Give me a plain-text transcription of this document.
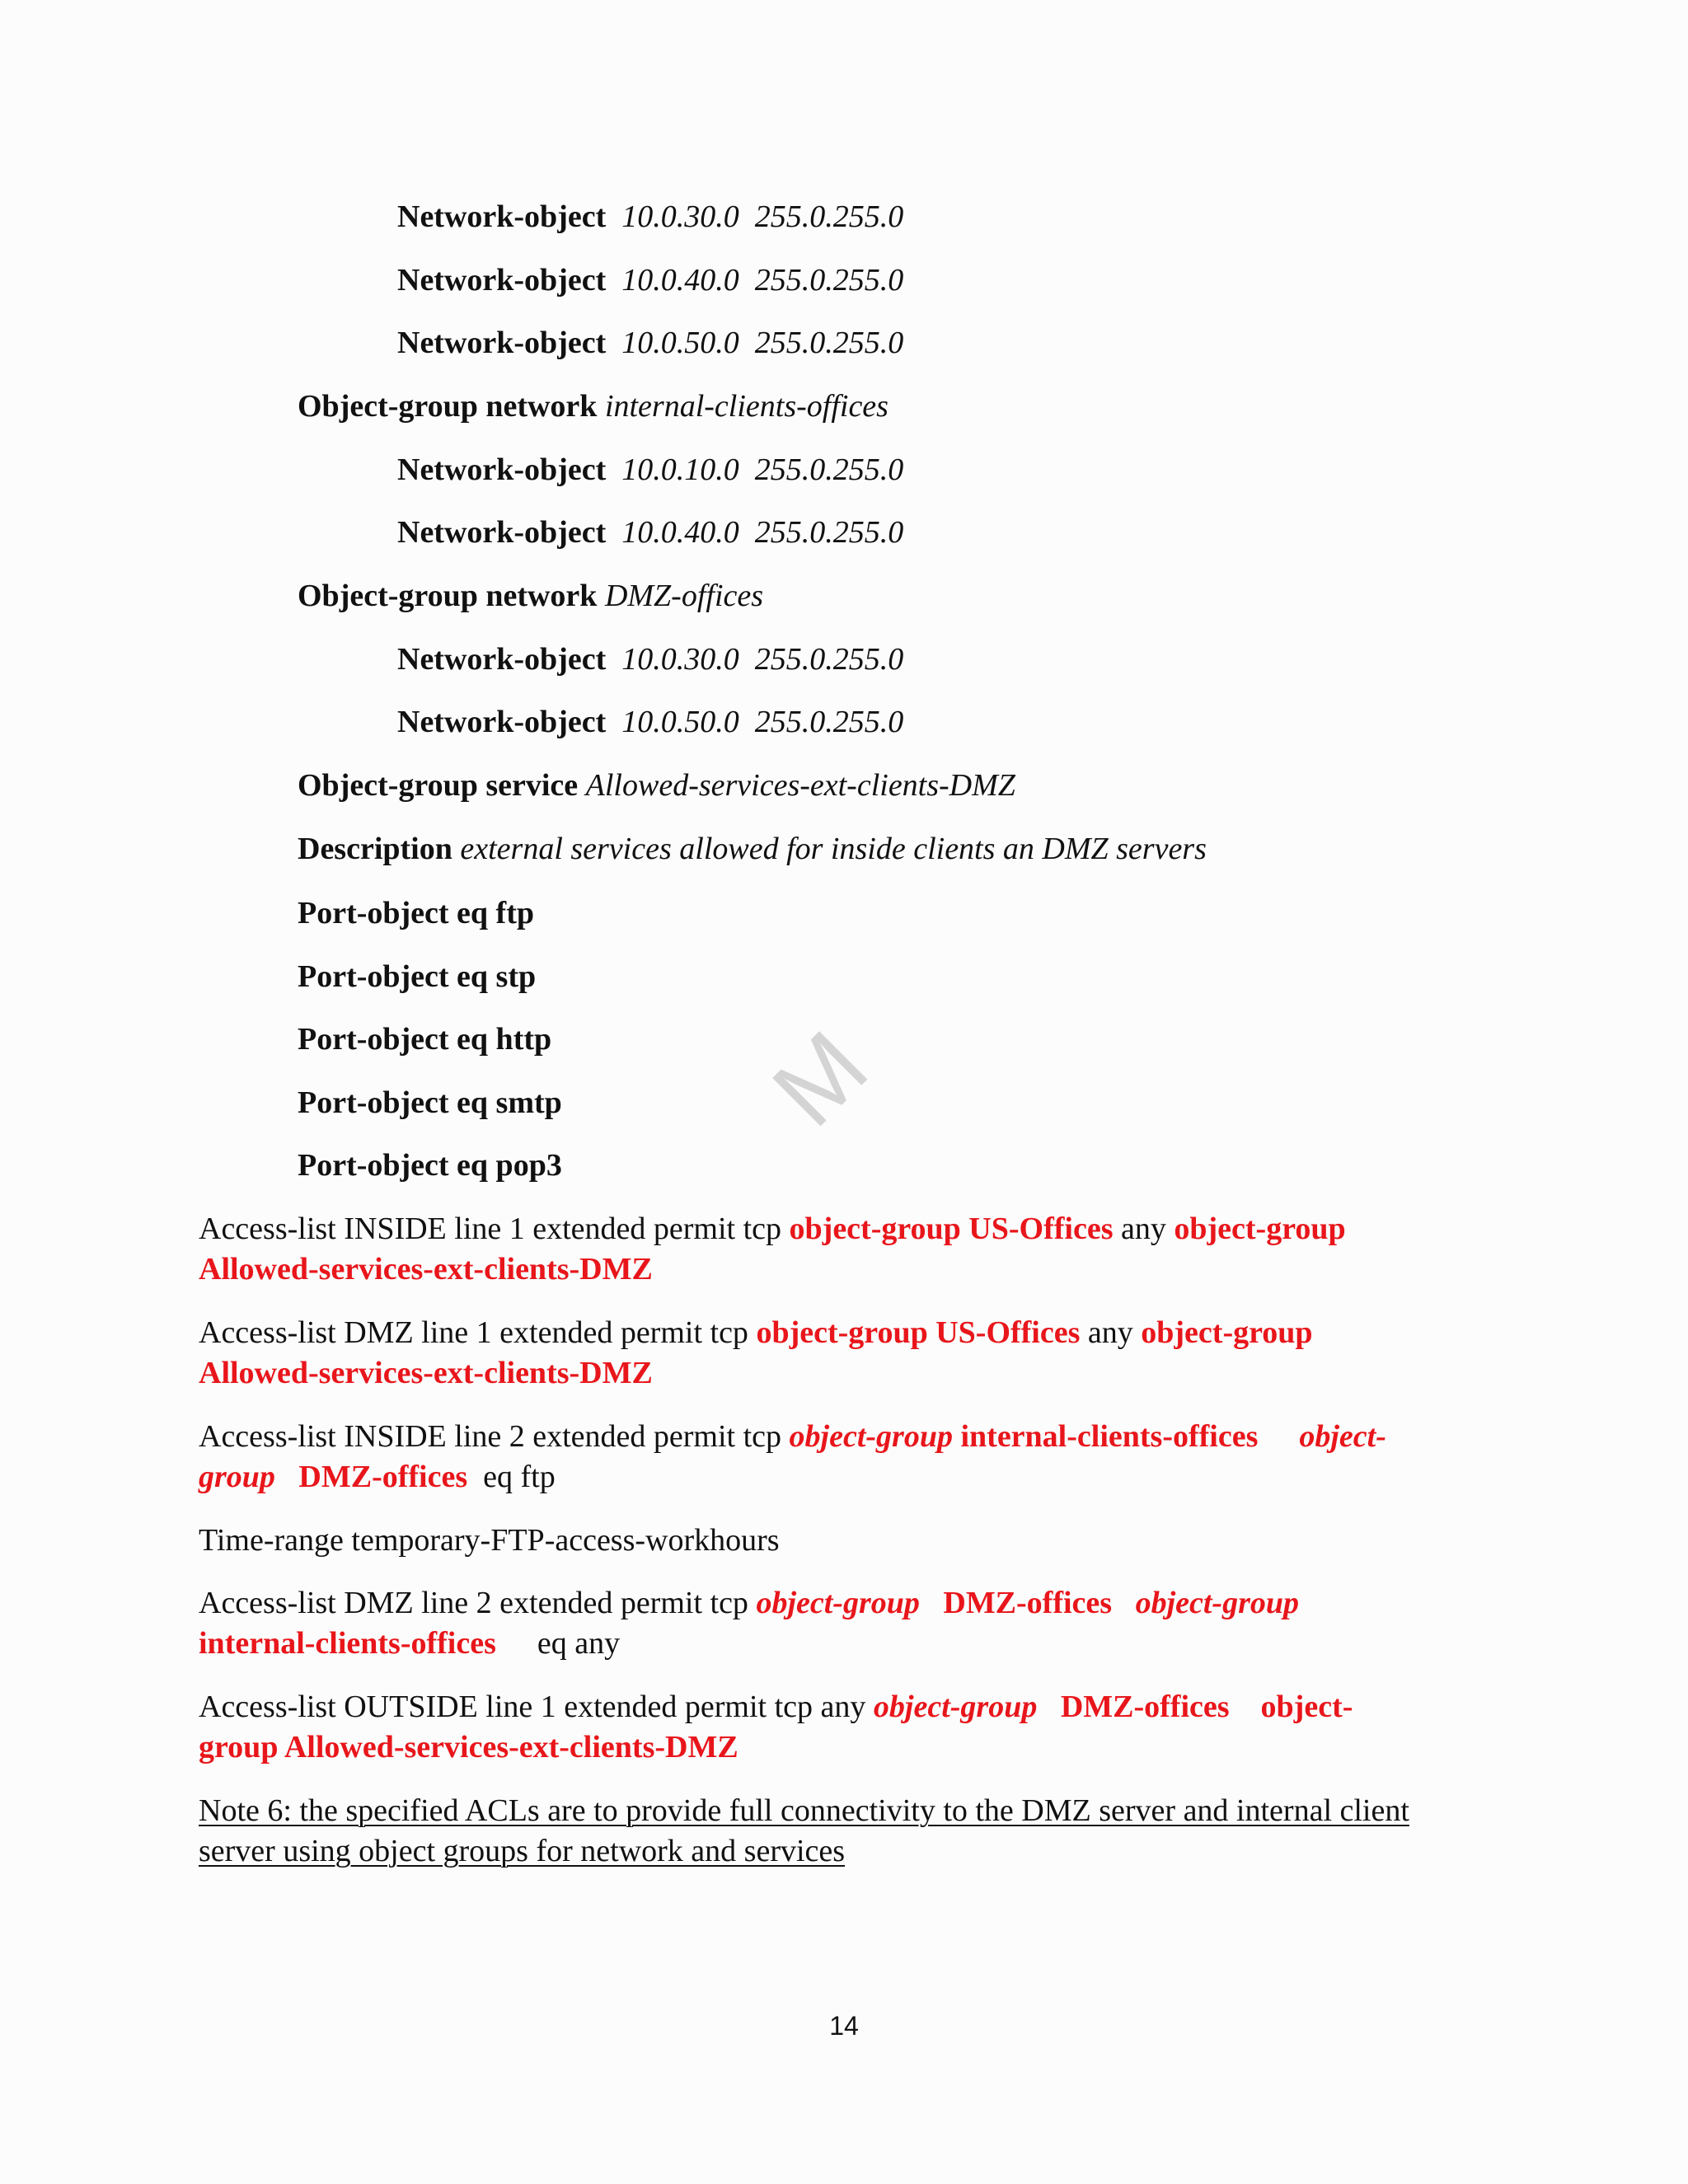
M
Network-object 10.0.30.0 255.0.255.0
Network-object 10.0.40.0 255.0.255.0
Network-object 10.0.50.0 255.0.255.0
Object-group network internal-clients-offices
Network-object 10.0.10.0 255.0.255.0
Network-object 10.0.40.0 255.0.255.0
Object-group network DMZ-offices
Network-object 10.0.30.0 255.0.255.0
Network-object 10.0.50.0 255.0.255.0
Object-group service Allowed-services-ext-clients-DMZ
Description external services allowed for inside clients an DMZ servers
Port-object eq ftp
Port-object eq stp
Port-object eq http
Port-object eq smtp
Port-object eq pop3
Access-list INSIDE line 1 extended permit tcp object-group US-Offices any object-group
Allowed-services-ext-clients-DMZ
Access-list DMZ line 1 extended permit tcp object-group US-Offices any object-group
Allowed-services-ext-clients-DMZ
Access-list INSIDE line 2 extended permit tcp object-group internal-clients-offices object-
group DMZ-offices eq ftp
Time-range temporary-FTP-access-workhours
Access-list DMZ line 2 extended permit tcp object-group DMZ-offices object-group
internal-clients-offices eq any
Access-list OUTSIDE line 1 extended permit tcp any object-group DMZ-offices object-
group Allowed-services-ext-clients-DMZ
Note 6: the specified ACLs are to provide full connectivity to the DMZ server and internal client
server using object groups for network and services
14
